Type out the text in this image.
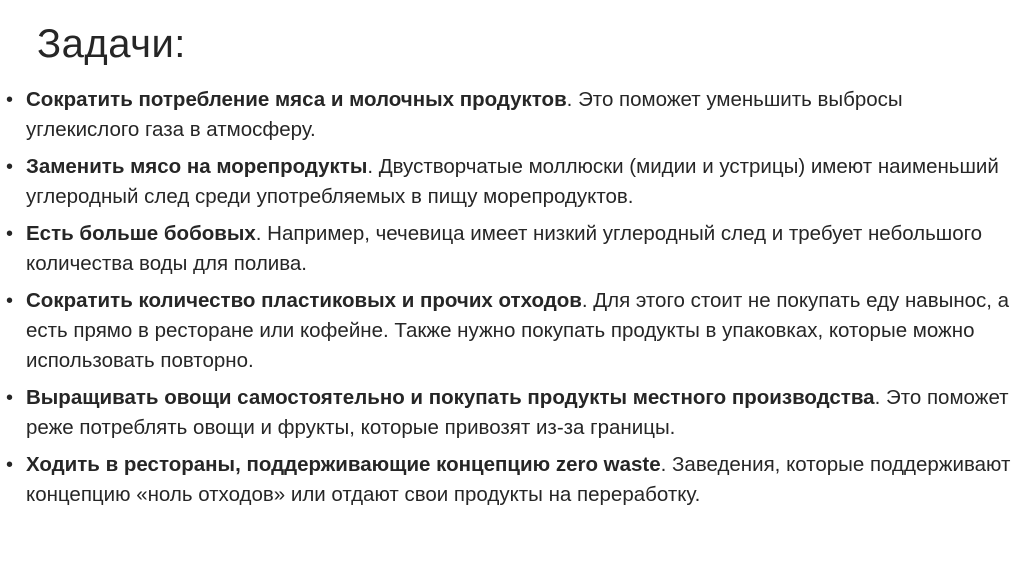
Задачи:
• Сократить потребление мяса и молочных продуктов. Это поможет уменьшить выбросы углекислого газа в атмосферу.
• Заменить мясо на морепродукты. Двустворчатые моллюски (мидии и устрицы) имеют наименьший углеродный след среди употребляемых в пищу морепродуктов.
• Есть больше бобовых. Например, чечевица имеет низкий углеродный след и требует небольшого количества воды для полива.
• Сократить количество пластиковых и прочих отходов. Для этого стоит не покупать еду навынос, а есть прямо в ресторане или кофейне. Также нужно покупать продукты в упаковках, которые можно использовать повторно.
• Выращивать овощи самостоятельно и покупать продукты местного производства. Это поможет реже потреблять овощи и фрукты, которые привозят из-за границы.
• Ходить в рестораны, поддерживающие концепцию zero waste. Заведения, которые поддерживают концепцию «ноль отходов» или отдают свои продукты на переработку.
